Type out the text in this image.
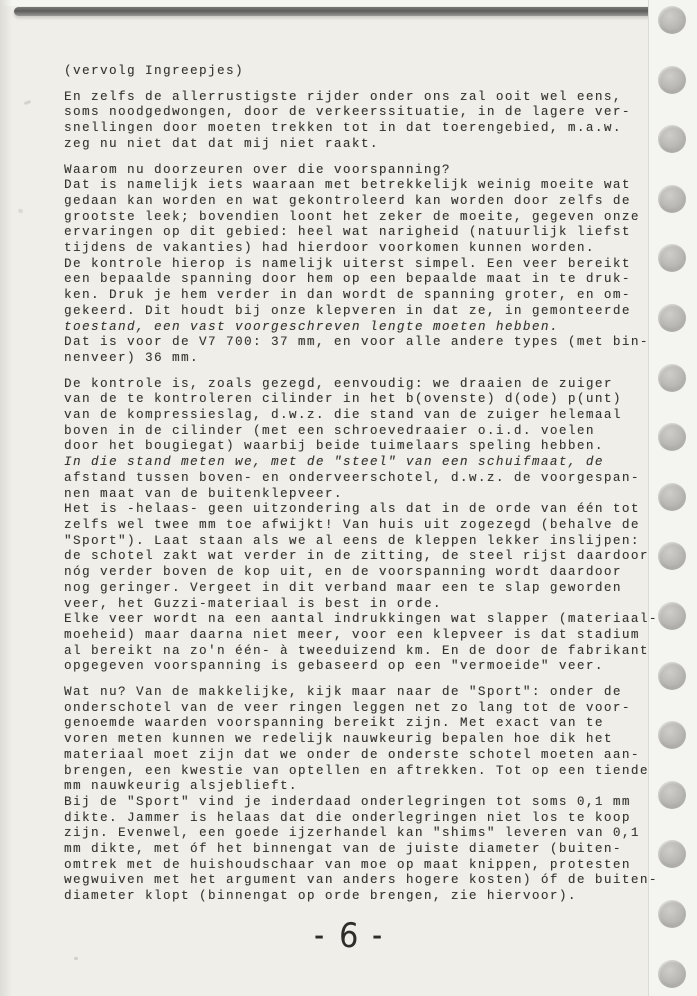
(vervolg Ingreepjes)
En zelfs de allerrustigste rijder onder ons zal ooit wel eens,
soms noodgedwongen, door de verkeerssituatie, in de lagere ver-
snellingen door moeten trekken tot in dat toerengebied, m.a.w.
zeg nu niet dat dat mij niet raakt.
Waarom nu doorzeuren over die voorspanning?
Dat is namelijk iets waaraan met betrekkelijk weinig moeite wat
gedaan kan worden en wat gekontroleerd kan worden door zelfs de
grootste leek; bovendien loont het zeker de moeite, gegeven onze
ervaringen op dit gebied: heel wat narigheid (natuurlijk liefst
tijdens de vakanties) had hierdoor voorkomen kunnen worden.
De kontrole hierop is namelijk uiterst simpel. Een veer bereikt
een bepaalde spanning door hem op een bepaalde maat in te druk-
ken. Druk je hem verder in dan wordt de spanning groter, en om-
gekeerd. Dit houdt bij onze klepveren in dat ze, in gemonteerde
toestand, een vast voorgeschreven lengte moeten hebben.
Dat is voor de V7 700: 37 mm, en voor alle andere types (met bin-
nenveer) 36 mm.
De kontrole is, zoals gezegd, eenvoudig: we draaien de zuiger
van de te kontroleren cilinder in het b(ovenste) d(ode) p(unt)
van de kompressieslag, d.w.z. die stand van de zuiger helemaal
boven in de cilinder (met een schroevedraaier o.i.d. voelen
door het bougiegat) waarbij beide tuimelaars speling hebben.
In die stand meten we, met de "steel" van een schuifmaat, de
afstand tussen boven- en onderveerschotel, d.w.z. de voorgespan-
nen maat van de buitenklepveer.
Het is -helaas- geen uitzondering als dat in de orde van één tot
zelfs wel twee mm toe afwijkt! Van huis uit zogezegd (behalve de
"Sport"). Laat staan als we al eens de kleppen lekker inslijpen:
de schotel zakt wat verder in de zitting, de steel rijst daardoor
nóg verder boven de kop uit, en de voorspanning wordt daardoor
nog geringer. Vergeet in dit verband maar een te slap geworden
veer, het Guzzi-materiaal is best in orde.
Elke veer wordt na een aantal indrukkingen wat slapper (materiaal-
moeheid) maar daarna niet meer, voor een klepveer is dat stadium
al bereikt na zo'n één- à tweeduizend km. En de door de fabrikant
opgegeven voorspanning is gebaseerd op een "vermoeide" veer.
Wat nu? Van de makkelijke, kijk maar naar de "Sport": onder de
onderschotel van de veer ringen leggen net zo lang tot de voor-
genoemde waarden voorspanning bereikt zijn. Met exact van te
voren meten kunnen we redelijk nauwkeurig bepalen hoe dik het
materiaal moet zijn dat we onder de onderste schotel moeten aan-
brengen, een kwestie van optellen en aftrekken. Tot op een tiende
mm nauwkeurig alsjeblieft.
Bij de "Sport" vind je inderdaad onderlegringen tot soms 0,1 mm
dikte. Jammer is helaas dat die onderlegringen niet los te koop
zijn. Evenwel, een goede ijzerhandel kan "shims" leveren van 0,1
mm dikte, met óf het binnengat van de juiste diameter (buiten-
omtrek met de huishoudschaar van moe op maat knippen, protesten
wegwuiven met het argument van anders hogere kosten) óf de buiten-
diameter klopt (binnengat op orde brengen, zie hiervoor).
- 6 -
